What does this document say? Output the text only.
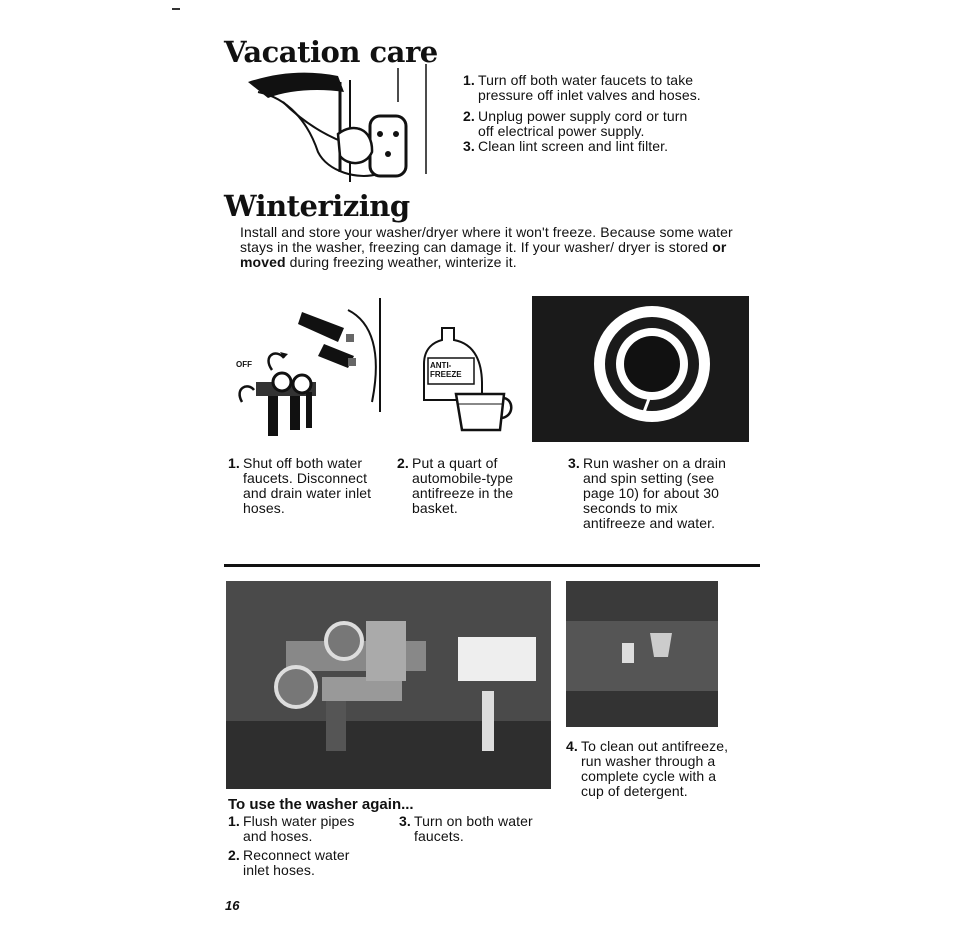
Vacation care
1. Turn off both water faucets to take pressure off inlet valves and hoses.
2. Unplug power supply cord or turn off electrical power supply.
3. Clean lint screen and lint filter.
Winterizing
Install and store your washer/dryer where it won't freeze. Because some water stays in the washer, freezing can damage it. If your washer/ dryer is stored or moved during freezing weather, winterize it.
OFF	ANTI-
FREEZE
1. Shut off both water faucets. Disconnect and drain water inlet hoses.
2. Put a quart of automobile-type antifreeze in the basket.
3. Run washer on a drain and spin setting (see page 10) for about 30 seconds to mix antifreeze and water.
4. To clean out antifreeze, run washer through a complete cycle with a cup of detergent.
To use the washer again...
1. Flush water pipes and hoses.
2. Reconnect water inlet hoses.
3. Turn on both water faucets.
16
